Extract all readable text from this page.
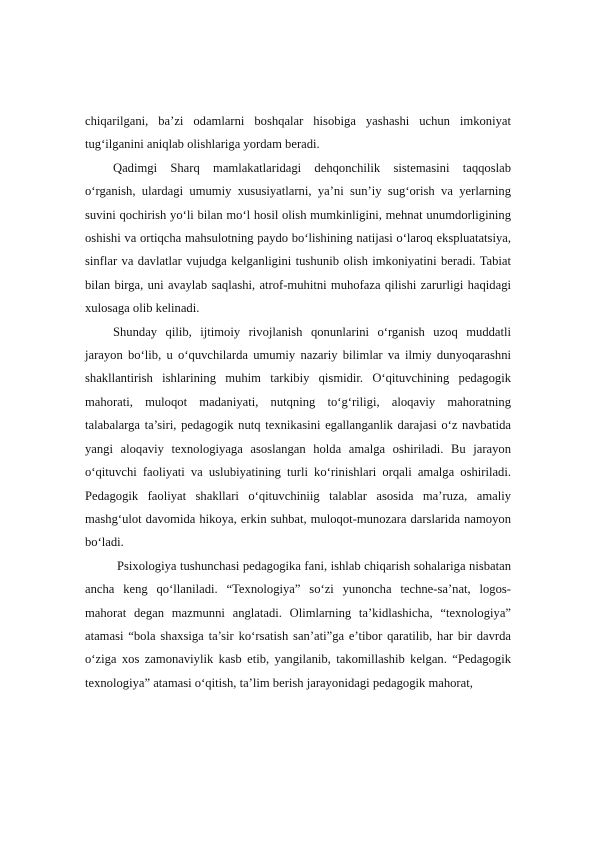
chiqarilgani, ba’zi odamlarni boshqalar hisobiga yashashi uchun imkoniyat tug‘ilganini aniqlab olishlariga yordam beradi.

Qadimgi Sharq mamlakatlaridagi dehqonchilik sistemasini taqqoslab o‘rganish, ulardagi umumiy xususiyatlarni, ya’ni sun’iy sug‘orish va yerlarning suvini qochirish yo‘li bilan mo‘l hosil olish mumkinligini, mehnat unumdorligining oshishi va ortiqcha mahsulotning paydo bo‘lishining natijasi o‘laroq ekspluatatsiya, sinflar va davlatlar vujudga kelganligini tushunib olish imkoniyatini beradi. Tabiat bilan birga, uni avaylab saqlashi, atrof-muhitni muhofaza qilishi zarurligi haqidagi xulosaga olib kelinadi.

Shunday qilib, ijtimoiy rivojlanish qonunlarini o‘rganish uzoq muddatli jarayon bo‘lib, u o‘quvchilarda umumiy nazariy bilimlar va ilmiy dunyoqarashni shakllantirish ishlarining muhim tarkibiy qismidir. O‘qituvchining pedagogik mahorati, muloqot madaniyati, nutqning to‘g‘riligi, aloqaviy mahoratning talabalarga ta’siri, pedagogik nutq texnikasini egallanganlik darajasi o‘z navbatida yangi aloqaviy texnologiyaga asoslangan holda amalga oshiriladi. Bu jarayon o‘qituvchi faoliyati va uslubiyatining turli ko‘rinishlari orqali amalga oshiriladi. Pedagogik faoliyat shakllari o‘qituvchiniig talablar asosida ma’ruza, amaliy mashg‘ulot davomida hikoya, erkin suhbat, muloqot-munozara darslarida namoyon bo‘ladi.

Psixologiya tushunchasi pedagogika fani, ishlab chiqarish sohalariga nisbatan ancha keng qo‘llaniladi. “Texnologiya” so‘zi yunoncha techne-sa’nat, logos-mahorat degan mazmunni anglatadi. Olimlarning ta’kidlashicha, “texnologiya” atamasi “bola shaxsiga ta’sir ko‘rsatish san’ati”ga e’tibor qaratilib, har bir davrda o‘ziga xos zamonaviylik kasb etib, yangilanib, takomillashib kelgan. “Pedagogik texnologiya” atamasi o‘qitish, ta’lim berish jarayonidagi pedagogik mahorat,
